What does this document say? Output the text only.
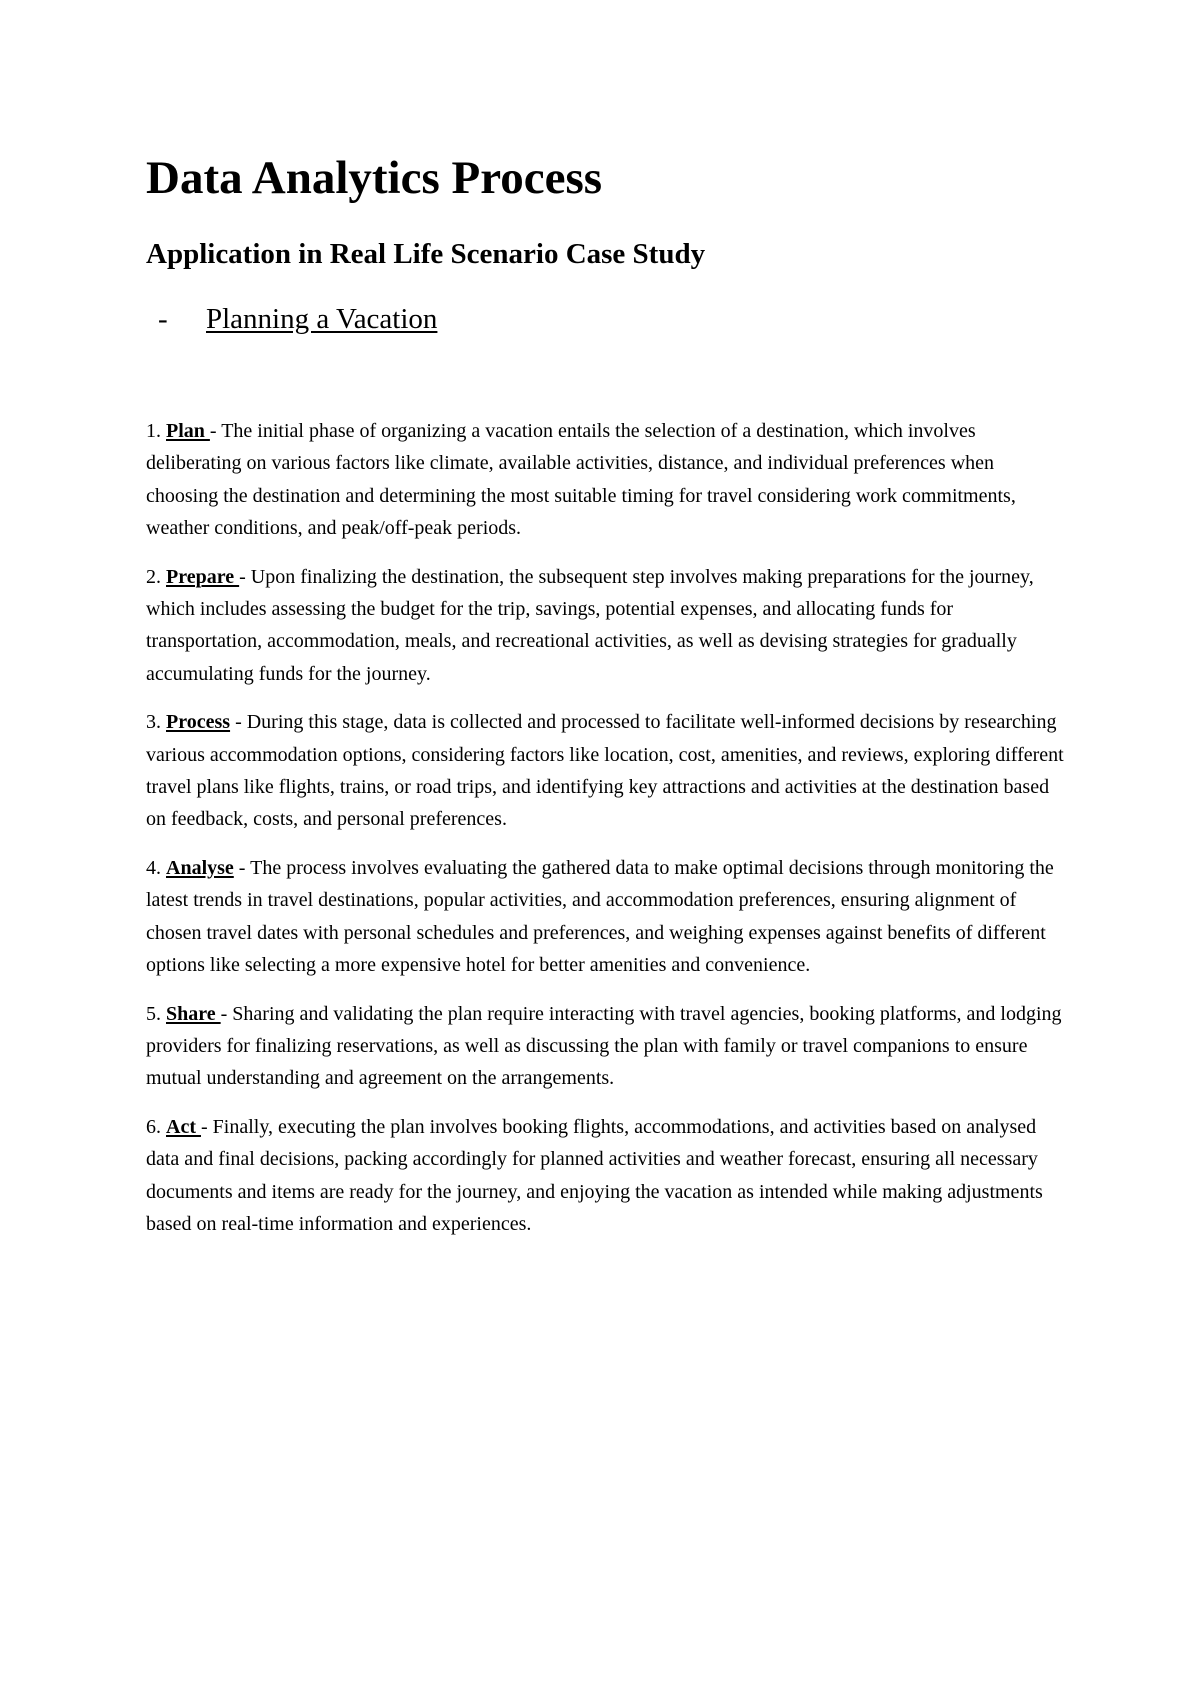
Data Analytics Process
Application in Real Life Scenario Case Study
- Planning a Vacation

1. Plan - The initial phase of organizing a vacation entails the selection of a destination, which involves deliberating on various factors like climate, available activities, distance, and individual preferences when choosing the destination and determining the most suitable timing for travel considering work commitments, weather conditions, and peak/off-peak periods.

2. Prepare - Upon finalizing the destination, the subsequent step involves making preparations for the journey, which includes assessing the budget for the trip, savings, potential expenses, and allocating funds for transportation, accommodation, meals, and recreational activities, as well as devising strategies for gradually accumulating funds for the journey.

3. Process - During this stage, data is collected and processed to facilitate well-informed decisions by researching various accommodation options, considering factors like location, cost, amenities, and reviews, exploring different travel plans like flights, trains, or road trips, and identifying key attractions and activities at the destination based on feedback, costs, and personal preferences.

4. Analyse - The process involves evaluating the gathered data to make optimal decisions through monitoring the latest trends in travel destinations, popular activities, and accommodation preferences, ensuring alignment of chosen travel dates with personal schedules and preferences, and weighing expenses against benefits of different options like selecting a more expensive hotel for better amenities and convenience.

5. Share - Sharing and validating the plan require interacting with travel agencies, booking platforms, and lodging providers for finalizing reservations, as well as discussing the plan with family or travel companions to ensure mutual understanding and agreement on the arrangements.

6. Act - Finally, executing the plan involves booking flights, accommodations, and activities based on analysed data and final decisions, packing accordingly for planned activities and weather forecast, ensuring all necessary documents and items are ready for the journey, and enjoying the vacation as intended while making adjustments based on real-time information and experiences.
